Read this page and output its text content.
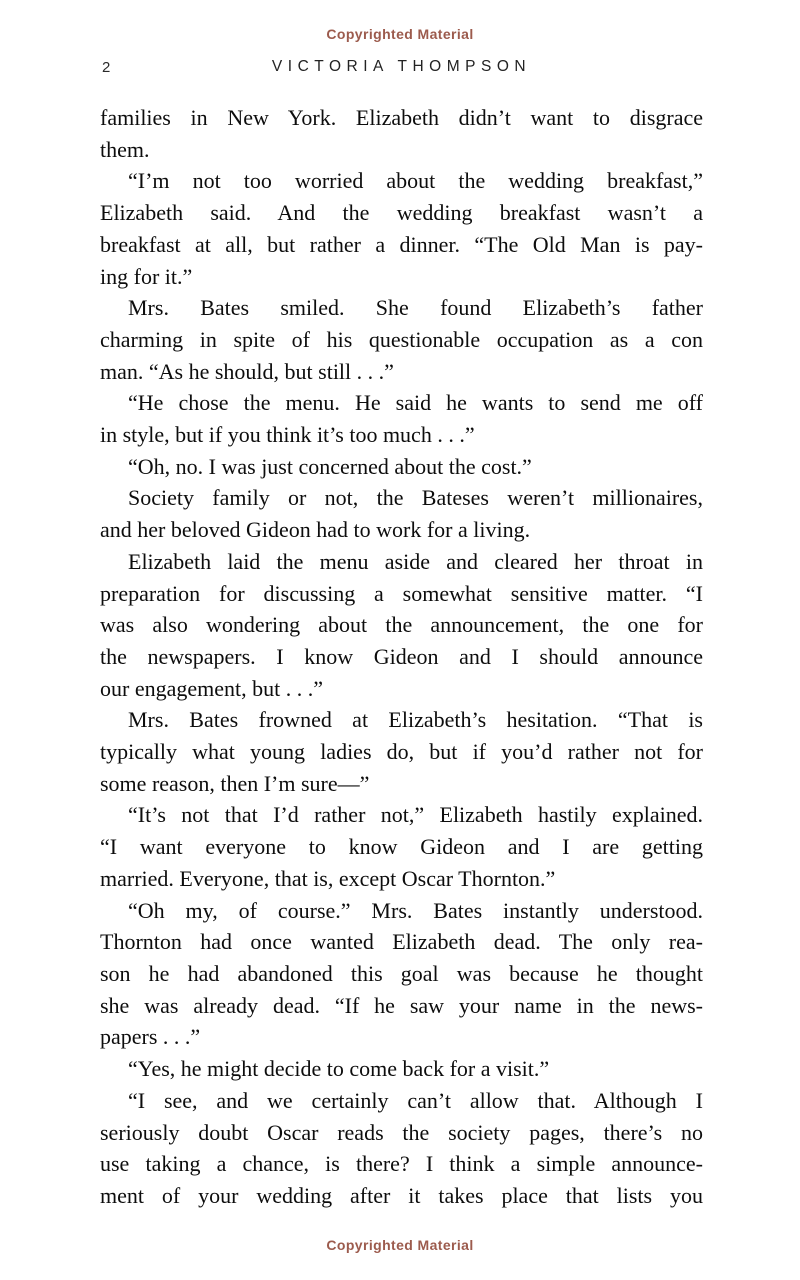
Copyrighted Material
2	VICTORIA THOMPSON
families in New York. Elizabeth didn’t want to disgrace
them.
“I’m not too worried about the wedding breakfast,”
Elizabeth said. And the wedding breakfast wasn’t a
breakfast at all, but rather a dinner. “The Old Man is pay-
ing for it.”
Mrs. Bates smiled. She found Elizabeth’s father
charming in spite of his questionable occupation as a con
man. “As he should, but still . . .”
“He chose the menu. He said he wants to send me off
in style, but if you think it’s too much . . .”
“Oh, no. I was just concerned about the cost.”
Society family or not, the Bateses weren’t millionaires,
and her beloved Gideon had to work for a living.
Elizabeth laid the menu aside and cleared her throat in
preparation for discussing a somewhat sensitive matter. “I
was also wondering about the announcement, the one for
the newspapers. I know Gideon and I should announce
our engagement, but . . .”
Mrs. Bates frowned at Elizabeth’s hesitation. “That is
typically what young ladies do, but if you’d rather not for
some reason, then I’m sure—”
“It’s not that I’d rather not,” Elizabeth hastily explained.
“I want everyone to know Gideon and I are getting
married. Everyone, that is, except Oscar Thornton.”
“Oh my, of course.” Mrs. Bates instantly understood.
Thornton had once wanted Elizabeth dead. The only rea-
son he had abandoned this goal was because he thought
she was already dead. “If he saw your name in the news-
papers . . .”
“Yes, he might decide to come back for a visit.”
“I see, and we certainly can’t allow that. Although I
seriously doubt Oscar reads the society pages, there’s no
use taking a chance, is there? I think a simple announce-
ment of your wedding after it takes place that lists you
Copyrighted Material
